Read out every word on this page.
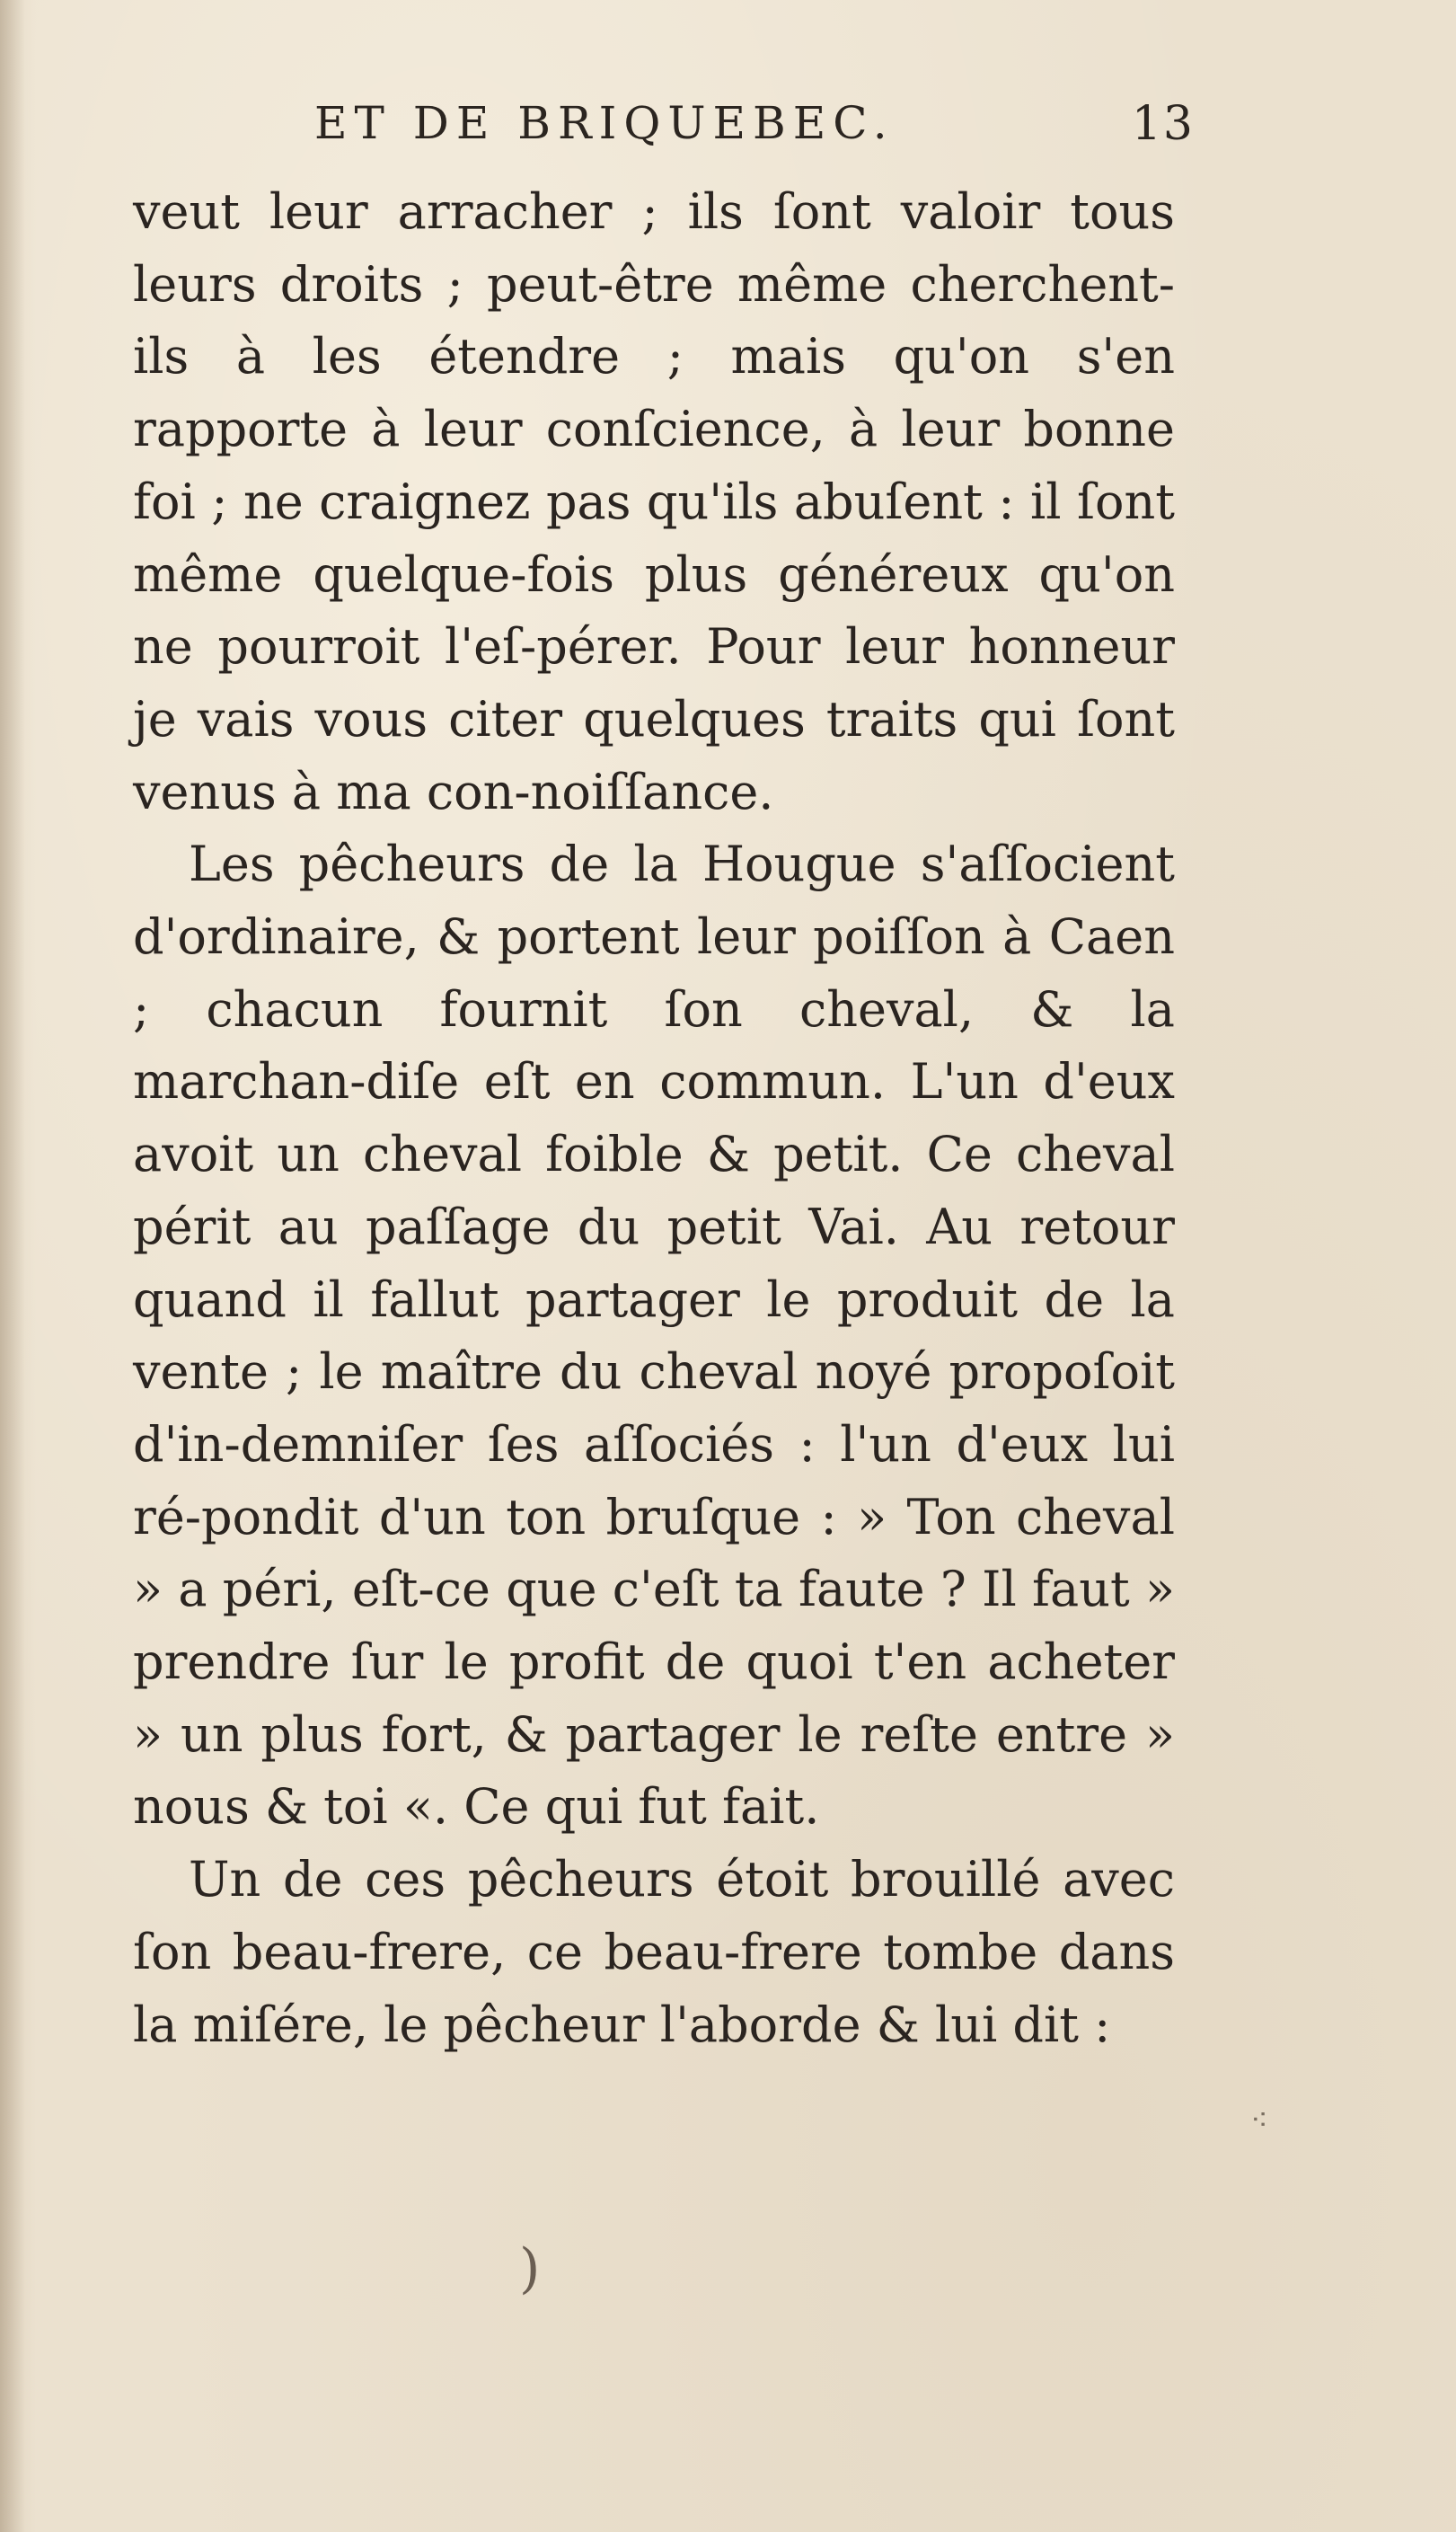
ET DE BRIQUEBEC.	13

veut leur arracher ; ils ſont valoir tous leurs droits ; peut-être même cherchent-ils à les étendre ; mais qu'on s'en rapporte à leur conſcience, à leur bonne foi ; ne craignez pas qu'ils abuſent : il ſont même quelque-fois plus généreux qu'on ne pourroit l'eſ-pérer. Pour leur honneur je vais vous citer quelques traits qui ſont venus à ma con-noiſſance.

Les pêcheurs de la Hougue s'aſſocient d'ordinaire, & portent leur poiſſon à Caen ; chacun fournit ſon cheval, & la marchan-diſe eſt en commun. L'un d'eux avoit un cheval foible & petit. Ce cheval périt au paſſage du petit Vai. Au retour quand il fallut partager le produit de la vente ; le maître du cheval noyé propoſoit d'in-demniſer ſes aſſociés : l'un d'eux lui ré-pondit d'un ton bruſque : » Ton cheval » a péri, eſt-ce que c'eſt ta faute ? Il faut » prendre ſur le profit de quoi t'en acheter » un plus fort, & partager le reſte entre » nous & toi «. Ce qui fut fait.

Un de ces pêcheurs étoit brouillé avec ſon beau-frere, ce beau-frere tombe dans la miſére, le pêcheur l'aborde & lui dit :

⁖
)
